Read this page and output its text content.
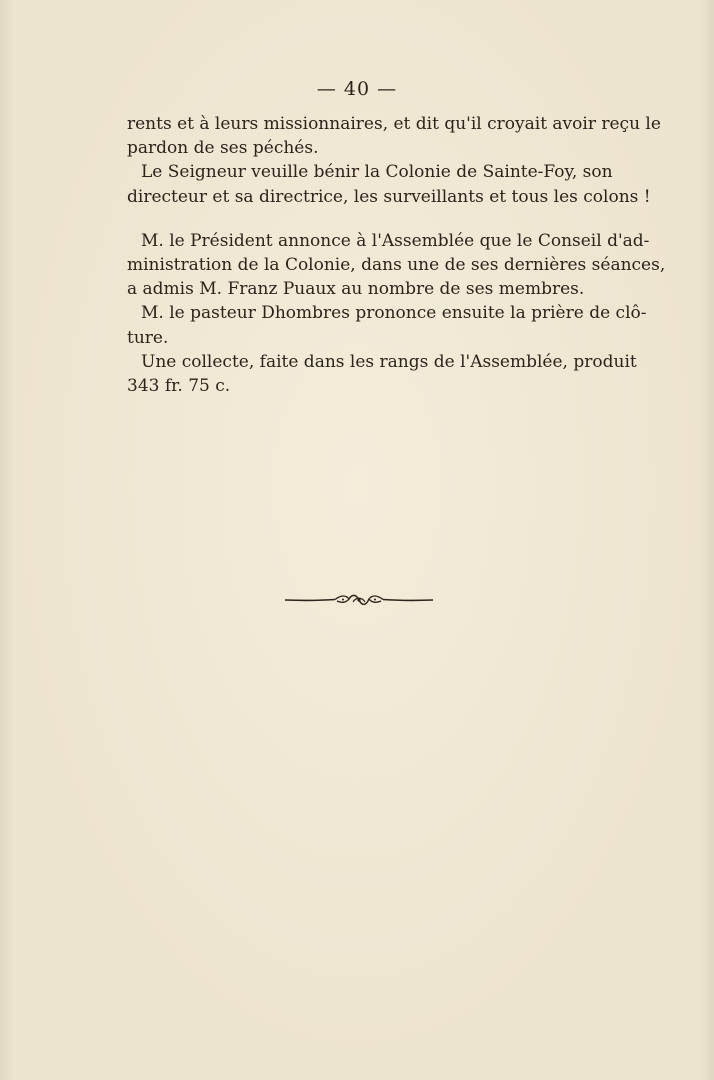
— 40 —

rents et à leurs missionnaires, et dit qu'il croyait avoir reçu le
pardon de ses péchés.

Le Seigneur veuille bénir la Colonie de Sainte-Foy, son
directeur et sa directrice, les surveillants et tous les colons !

M. le Président annonce à l'Assemblée que le Conseil d'ad-
ministration de la Colonie, dans une de ses dernières séances,
a admis M. Franz Puaux au nombre de ses membres.

M. le pasteur Dhombres prononce ensuite la prière de clô-
ture.

Une collecte, faite dans les rangs de l'Assemblée, produit
343 fr. 75 c.
